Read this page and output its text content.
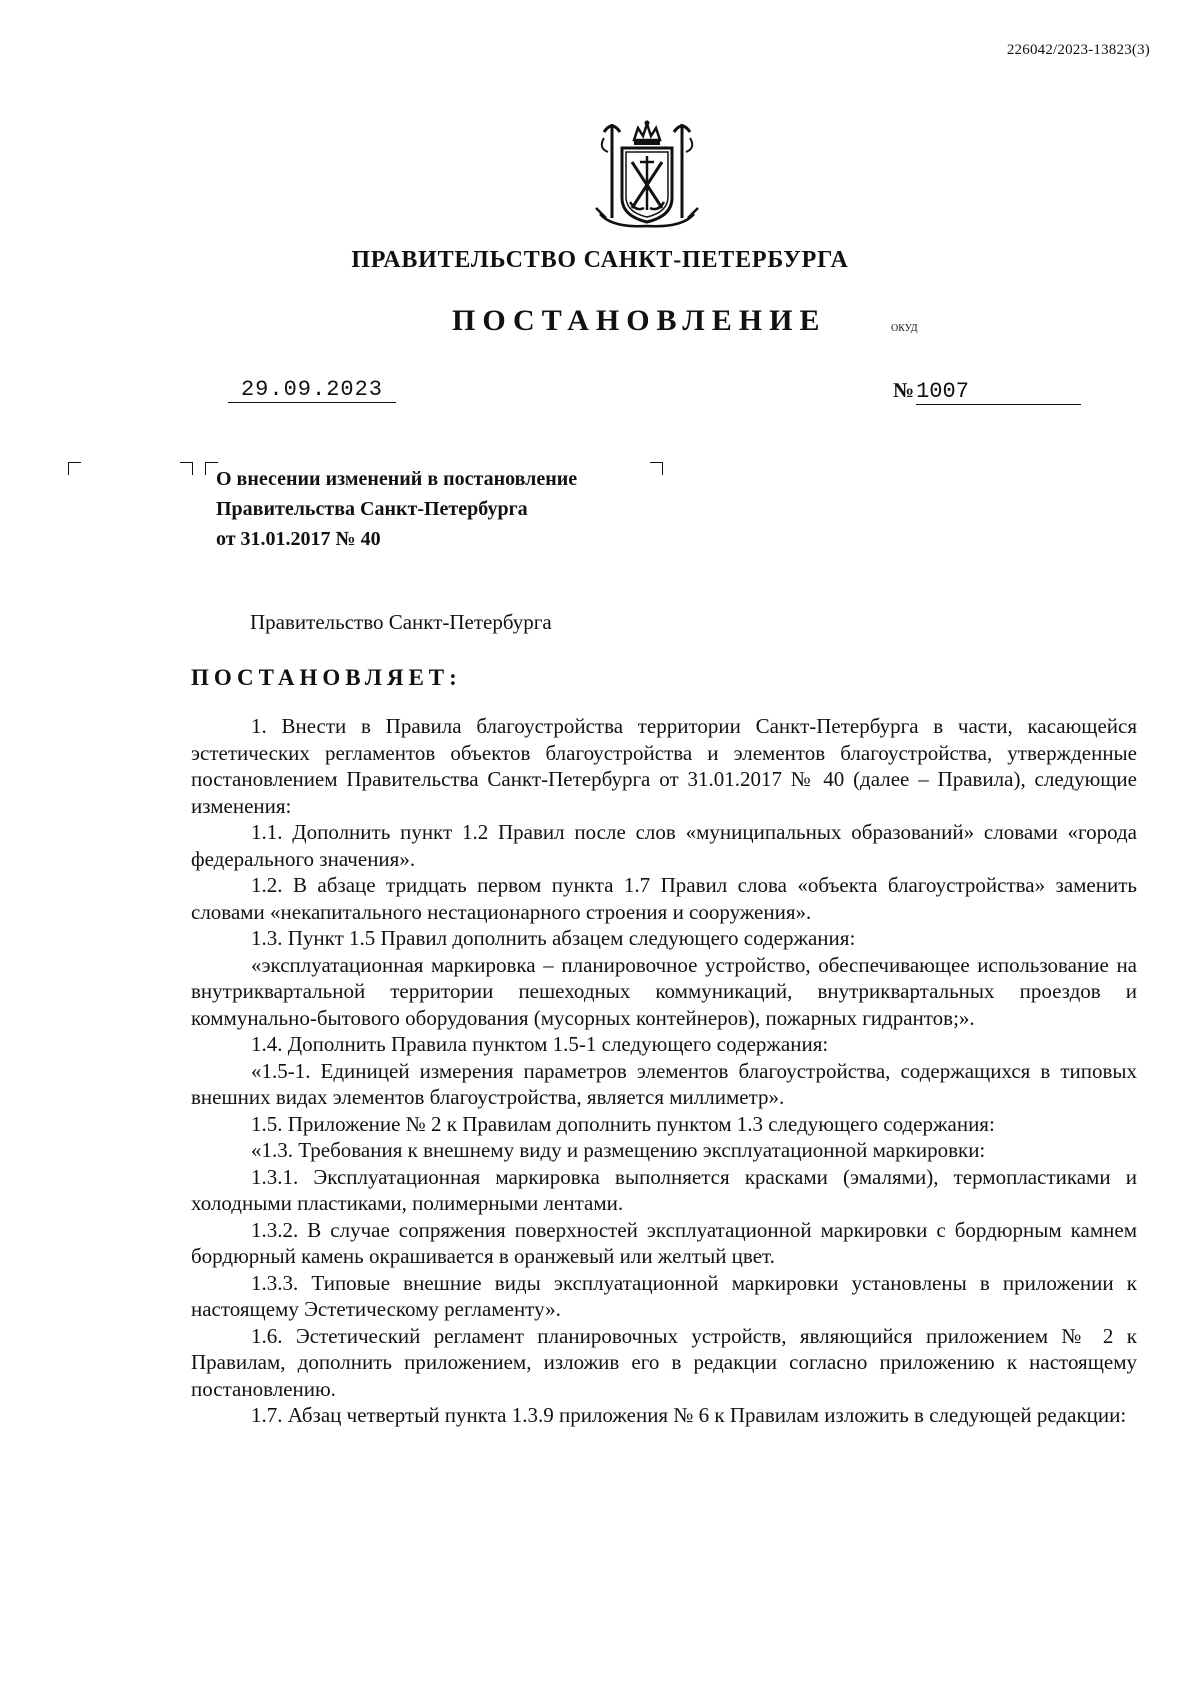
226042/2023-13823(3)
ПРАВИТЕЛЬСТВО САНКТ-ПЕТЕРБУРГА
ПОСТАНОВЛЕНИЕ	ОКУД
29.09.2023	№1007
О внесении изменений в постановление
Правительства Санкт-Петербурга
от 31.01.2017 № 40
Правительство Санкт-Петербурга
ПОСТАНОВЛЯЕТ:

1. Внести в Правила благоустройства территории Санкт-Петербурга в части, касающейся эстетических регламентов объектов благоустройства и элементов благоустройства, утвержденные постановлением Правительства Санкт-Петербурга от 31.01.2017 № 40 (далее – Правила), следующие изменения:

1.1. Дополнить пункт 1.2 Правил после слов «муниципальных образований» словами «города федерального значения».

1.2. В абзаце тридцать первом пункта 1.7 Правил слова «объекта благоустройства» заменить словами «некапитального нестационарного строения и сооружения».

1.3. Пункт 1.5 Правил дополнить абзацем следующего содержания:

«эксплуатационная маркировка – планировочное устройство, обеспечивающее использование на внутриквартальной территории пешеходных коммуникаций, внутриквартальных проездов и коммунально-бытового оборудования (мусорных контейнеров), пожарных гидрантов;».

1.4. Дополнить Правила пунктом 1.5-1 следующего содержания:

«1.5-1. Единицей измерения параметров элементов благоустройства, содержащихся в типовых внешних видах элементов благоустройства, является миллиметр».

1.5. Приложение № 2 к Правилам дополнить пунктом 1.3 следующего содержания:

«1.3. Требования к внешнему виду и размещению эксплуатационной маркировки:

1.3.1. Эксплуатационная маркировка выполняется красками (эмалями), термопластиками и холодными пластиками, полимерными лентами.

1.3.2. В случае сопряжения поверхностей эксплуатационной маркировки с бордюрным камнем бордюрный камень окрашивается в оранжевый или желтый цвет.

1.3.3. Типовые внешние виды эксплуатационной маркировки установлены в приложении к настоящему Эстетическому регламенту».

1.6. Эстетический регламент планировочных устройств, являющийся приложением № 2 к Правилам, дополнить приложением, изложив его в редакции согласно приложению к настоящему постановлению.

1.7. Абзац четвертый пункта 1.3.9 приложения № 6 к Правилам изложить в следующей редакции:
